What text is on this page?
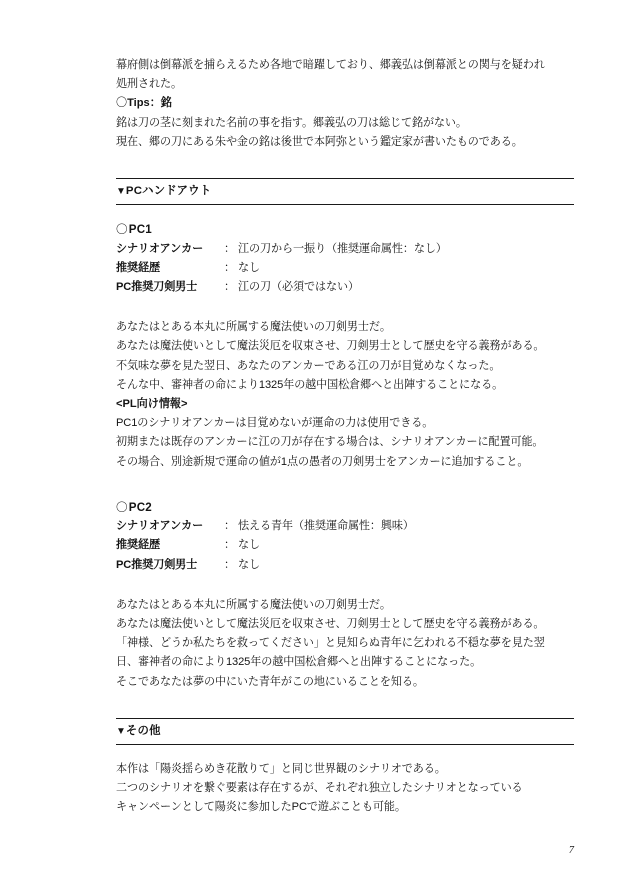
幕府側は倒幕派を捕らえるため各地で暗躍しており、郷義弘は倒幕派との関与を疑われ
処刑された。
〇Tips：銘
銘は刀の茎に刻まれた名前の事を指す。郷義弘の刀は総じて銘がない。
現在、郷の刀にある朱や金の銘は後世で本阿弥という鑑定家が書いたものである。
▼PCハンドアウト
〇PC1
シナリオアンカー	： 江の刀から一振り（推奨運命属性：なし）
推奨経歴	： なし
PC推奨刀剣男士	： 江の刀（必須ではない）
あなたはとある本丸に所属する魔法使いの刀剣男士だ。
あなたは魔法使いとして魔法災厄を収束させ、刀剣男士として歴史を守る義務がある。
不気味な夢を見た翌日、あなたのアンカーである江の刀が目覚めなくなった。
そんな中、審神者の命により1325年の越中国松倉郷へと出陣することになる。
<PL向け情報>
PC1のシナリオアンカーは目覚めないが運命の力は使用できる。
初期または既存のアンカーに江の刀が存在する場合は、シナリオアンカーに配置可能。
その場合、別途新規で運命の値が1点の愚者の刀剣男士をアンカーに追加すること。
〇PC2
シナリオアンカー	： 怯える青年（推奨運命属性：興味）
推奨経歴	： なし
PC推奨刀剣男士	： なし
あなたはとある本丸に所属する魔法使いの刀剣男士だ。
あなたは魔法使いとして魔法災厄を収束させ、刀剣男士として歴史を守る義務がある。
「神様、どうか私たちを救ってください」と見知らぬ青年に乞われる不穏な夢を見た翌
日、審神者の命により1325年の越中国松倉郷へと出陣することになった。
そこであなたは夢の中にいた青年がこの地にいることを知る。
▼その他
本作は「陽炎揺らめき花散りて」と同じ世界観のシナリオである。
二つのシナリオを繋ぐ要素は存在するが、それぞれ独立したシナリオとなっている
キャンペーンとして陽炎に参加したPCで遊ぶことも可能。
7
